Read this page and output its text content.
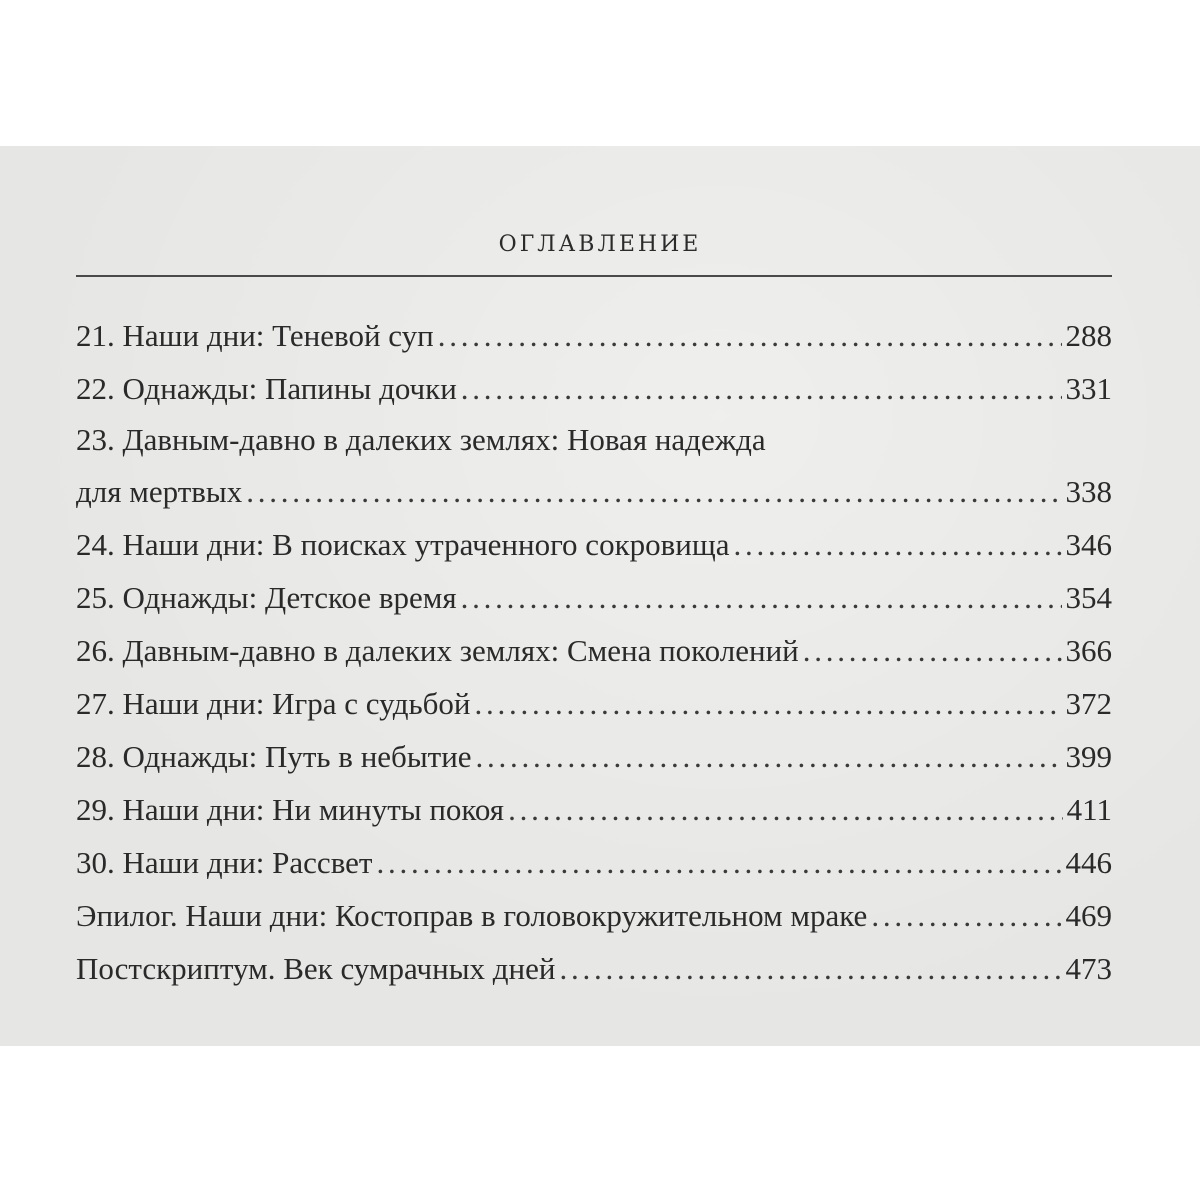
ОГЛАВЛЕНИЕ
21. Наши дни: Теневой суп . . .	288
22. Однажды: Папины дочки . . .	331
23. Давным-давно в далеких землях: Новая надежда
для мертвых . . .	338
24. Наши дни: В поисках утраченного сокровища . . .	346
25. Однажды: Детское время . . .	354
26. Давным-давно в далеких землях: Смена поколений . . .	366
27. Наши дни: Игра с судьбой . . .	372
28. Однажды: Путь в небытие . . .	399
29. Наши дни: Ни минуты покоя . . .	411
30. Наши дни: Рассвет . . .	446
Эпилог. Наши дни: Костоправ в головокружительном мраке . . .	469
Постскриптум. Век сумрачных дней . . .	473
